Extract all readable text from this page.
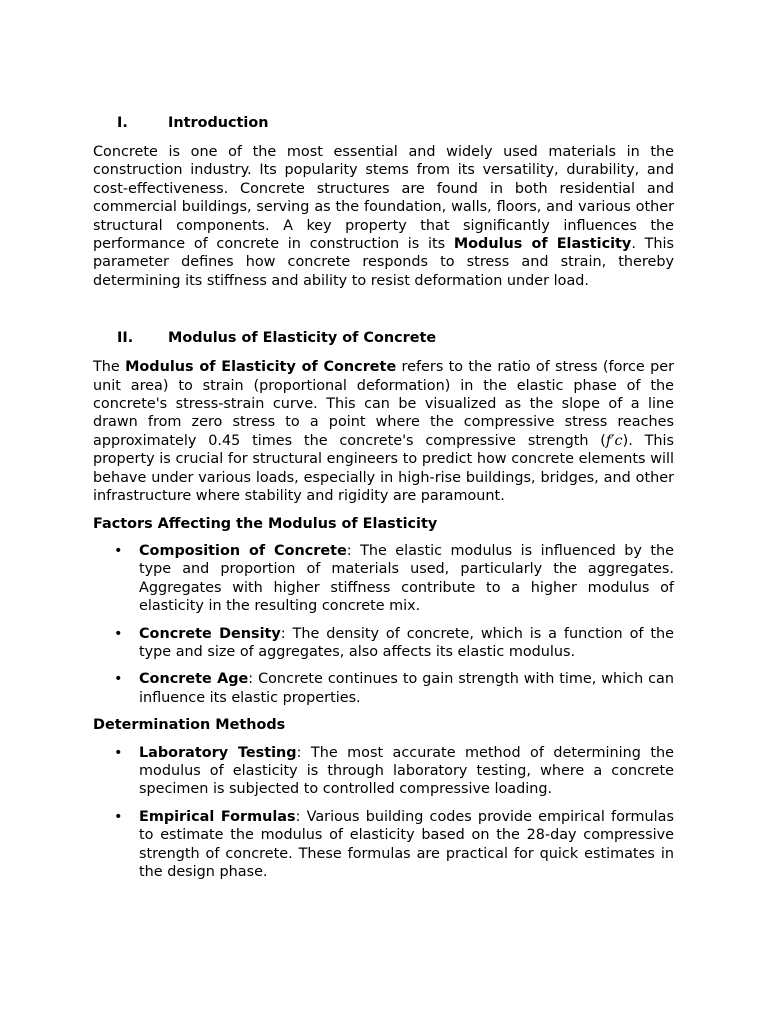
I.	Introduction

Concrete is one of the most essential and widely used materials in the construction industry. Its popularity stems from its versatility, durability, and cost-effectiveness. Concrete structures are found in both residential and commercial buildings, serving as the foundation, walls, floors, and various other structural components. A key property that significantly influences the performance of concrete in construction is its Modulus of Elasticity. This parameter defines how concrete responds to stress and strain, thereby determining its stiffness and ability to resist deformation under load.

II.	Modulus of Elasticity of Concrete

The Modulus of Elasticity of Concrete refers to the ratio of stress (force per unit area) to strain (proportional deformation) in the elastic phase of the concrete's stress-strain curve. This can be visualized as the slope of a line drawn from zero stress to a point where the compressive stress reaches approximately 0.45 times the concrete's compressive strength (f′c). This property is crucial for structural engineers to predict how concrete elements will behave under various loads, especially in high-rise buildings, bridges, and other infrastructure where stability and rigidity are paramount.

Factors Affecting the Modulus of Elasticity
• Composition of Concrete: The elastic modulus is influenced by the type and proportion of materials used, particularly the aggregates. Aggregates with higher stiffness contribute to a higher modulus of elasticity in the resulting concrete mix.
• Concrete Density: The density of concrete, which is a function of the type and size of aggregates, also affects its elastic modulus.
• Concrete Age: Concrete continues to gain strength with time, which can influence its elastic properties.
Determination Methods
• Laboratory Testing: The most accurate method of determining the modulus of elasticity is through laboratory testing, where a concrete specimen is subjected to controlled compressive loading.
• Empirical Formulas: Various building codes provide empirical formulas to estimate the modulus of elasticity based on the 28-day compressive strength of concrete. These formulas are practical for quick estimates in the design phase.
